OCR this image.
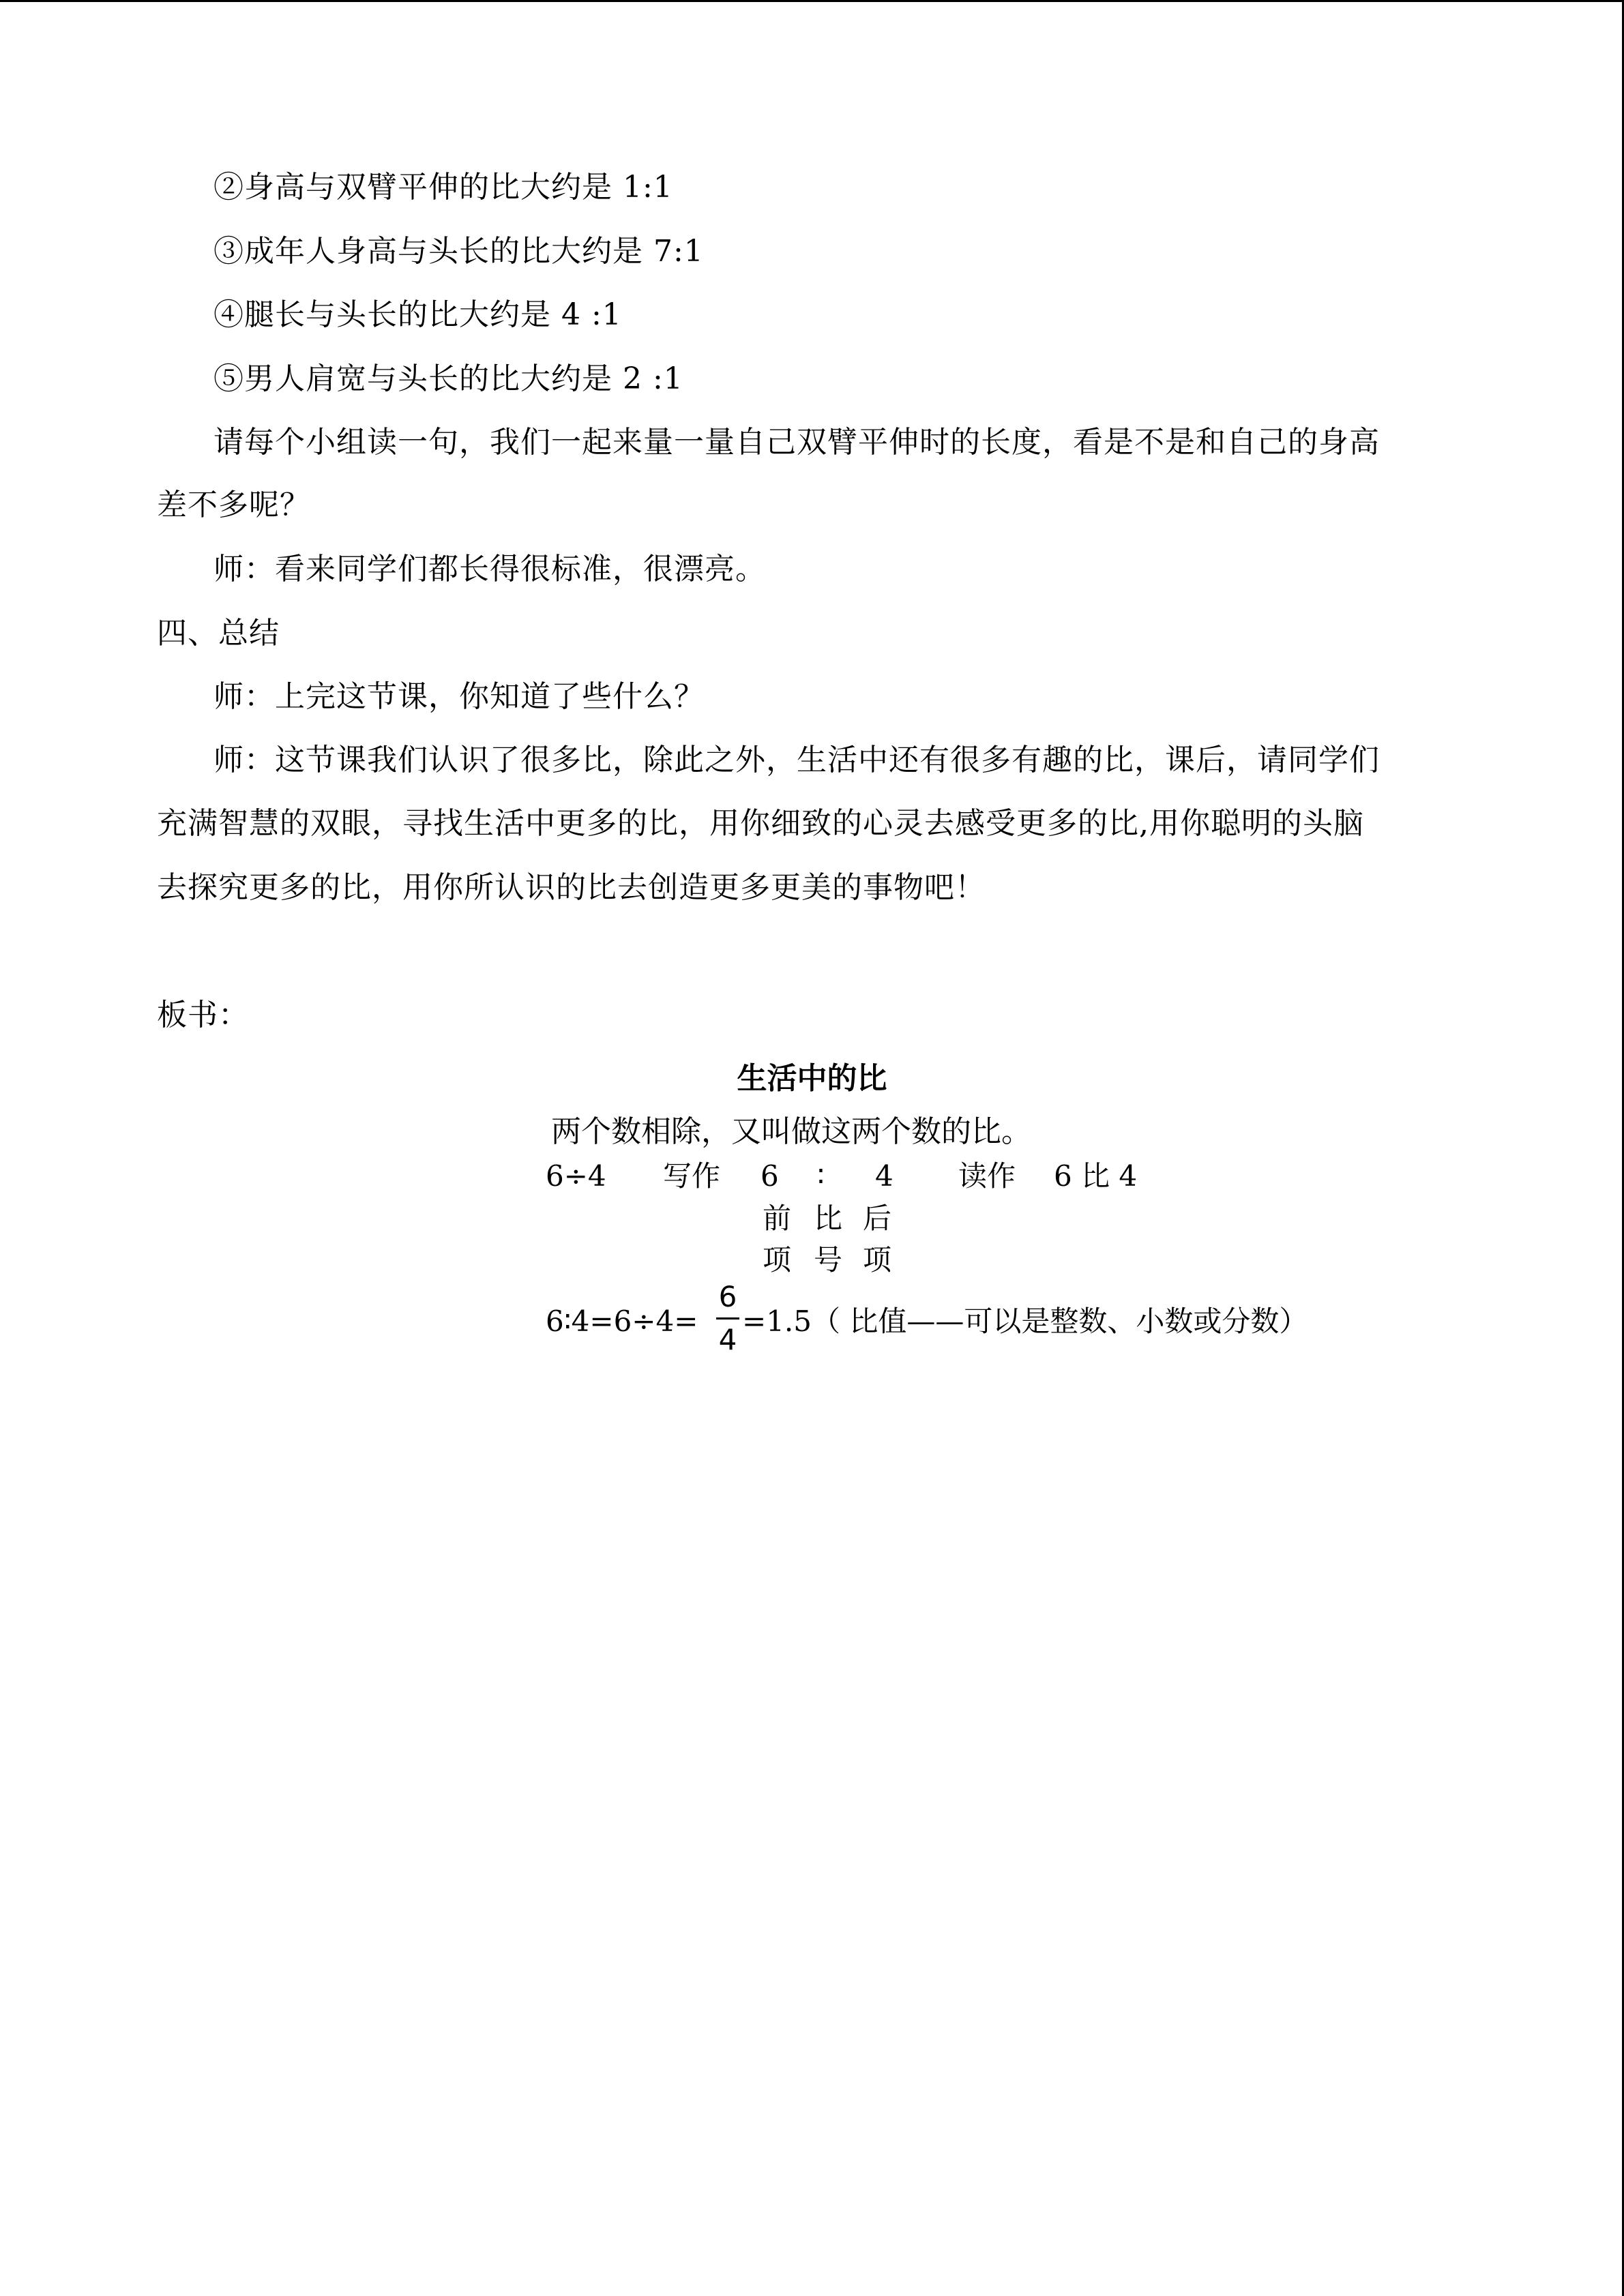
②身高与双臂平伸的比大约是 1:1
③成年人身高与头长的比大约是 7:1
④腿长与头长的比大约是 4 :1
⑤男人肩宽与头长的比大约是 2 :1
请每个小组读一句，我们一起来量一量自己双臂平伸时的长度，看是不是和自己的身高
差不多呢？
师：看来同学们都长得很标准，很漂亮。
四、总结
师：上完这节课，你知道了些什么？
师：这节课我们认识了很多比，除此之外，生活中还有很多有趣的比，课后，请同学们
充满智慧的双眼，寻找生活中更多的比，用你细致的心灵去感受更多的比,用你聪明的头脑
去探究更多的比，用你所认识的比去创造更多更美的事物吧！
板书：
生活中的比
两个数相除，又叫做这两个数的比。
6÷4 写作 6 ∶ 4 读作 6 比 4
前 比 后
项 号 项
6∶4=6÷4=
6
4
=1.5（ 比值——可以是整数、小数或分数）
